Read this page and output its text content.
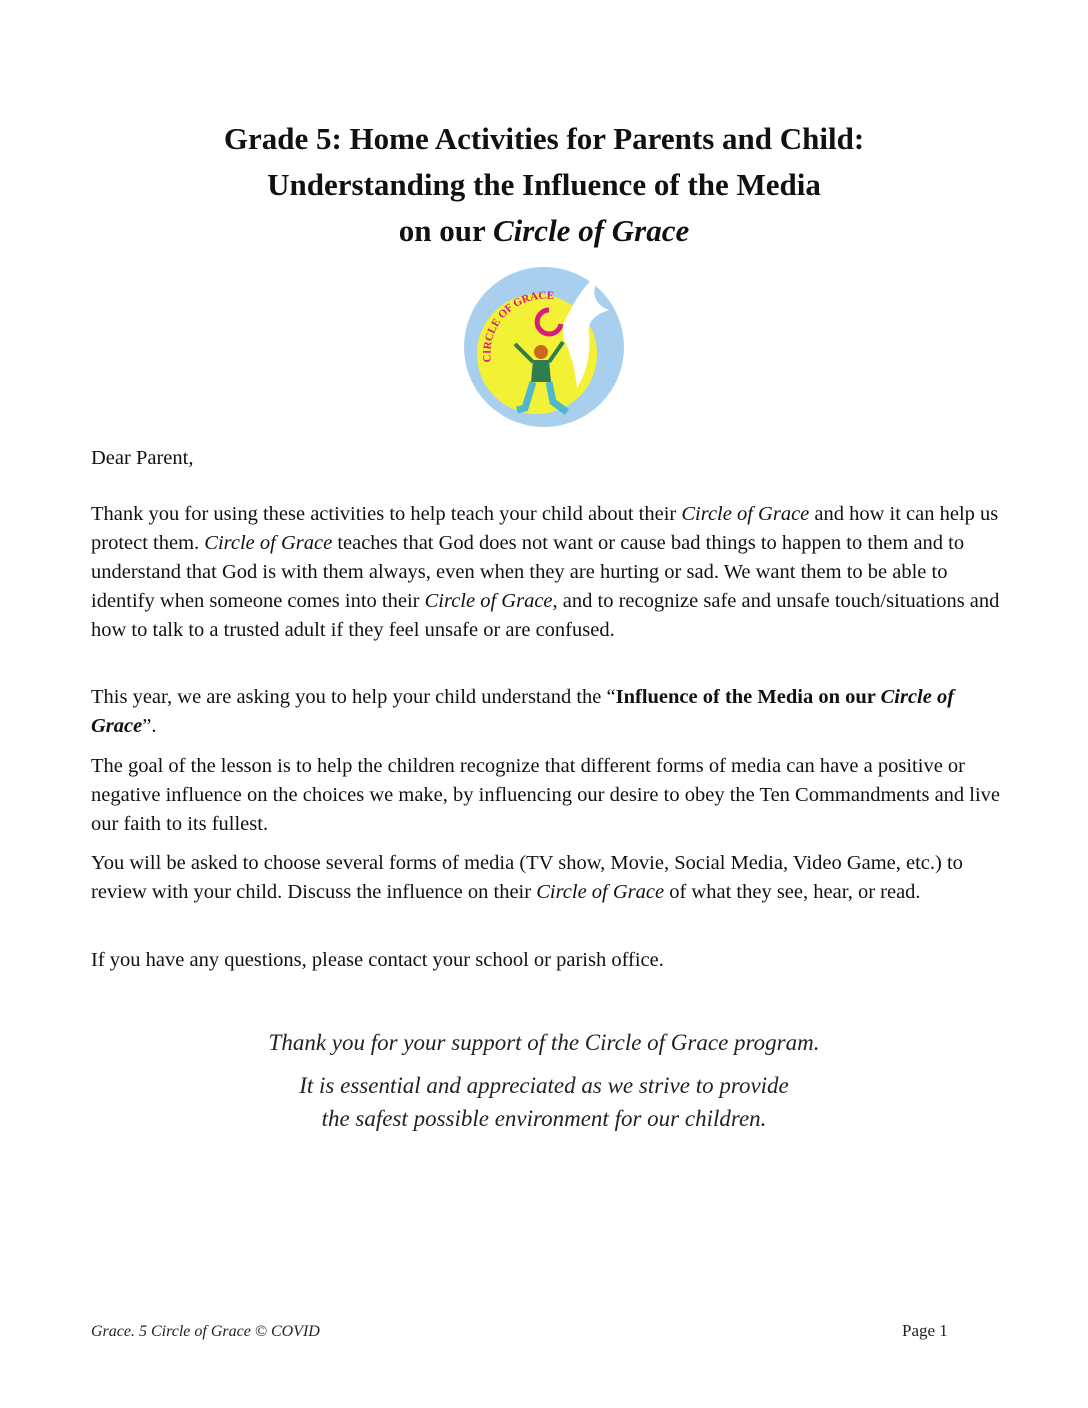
Grade 5: Home Activities for Parents and Child:
Understanding the Influence of the Media
on our Circle of Grace
CIRCLE OF GRACE
Dear Parent,

Thank you for using these activities to help teach your child about their Circle of Grace and how it can help us protect them. Circle of Grace teaches that God does not want or cause bad things to happen to them and to understand that God is with them always, even when they are hurting or sad. We want them to be able to identify when someone comes into their Circle of Grace, and to recognize safe and unsafe touch/situations and how to talk to a trusted adult if they feel unsafe or are confused.

This year, we are asking you to help your child understand the “Influence of the Media on our Circle of Grace”.

The goal of the lesson is to help the children recognize that different forms of media can have a positive or negative influence on the choices we make, by influencing our desire to obey the Ten Commandments and live our faith to its fullest.

You will be asked to choose several forms of media (TV show, Movie, Social Media, Video Game, etc.) to review with your child. Discuss the influence on their Circle of Grace of what they see, hear, or read.

If you have any questions, please contact your school or parish office.

Thank you for your support of the Circle of Grace program.

It is essential and appreciated as we strive to provide

the safest possible environment for our children.

Grace. 5 Circle of Grace © COVID	Page 1
